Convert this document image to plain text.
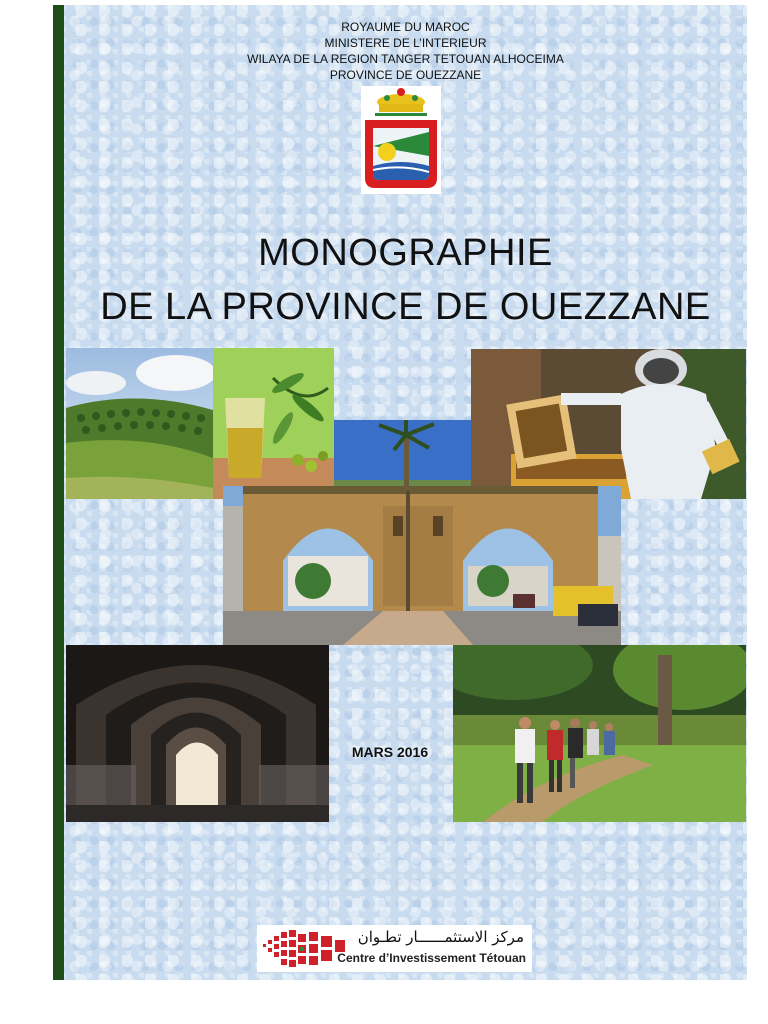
ROYAUME DU MAROC
MINISTERE DE L’INTERIEUR
WILAYA DE LA REGION TANGER TETOUAN ALHOCEIMA
PROVINCE DE OUEZZANE
MONOGRAPHIE
DE LA PROVINCE DE OUEZZANE
MARS 2016
مركز الاستثمــــــار تطـوان
Centre d’Investissement Tétouan
